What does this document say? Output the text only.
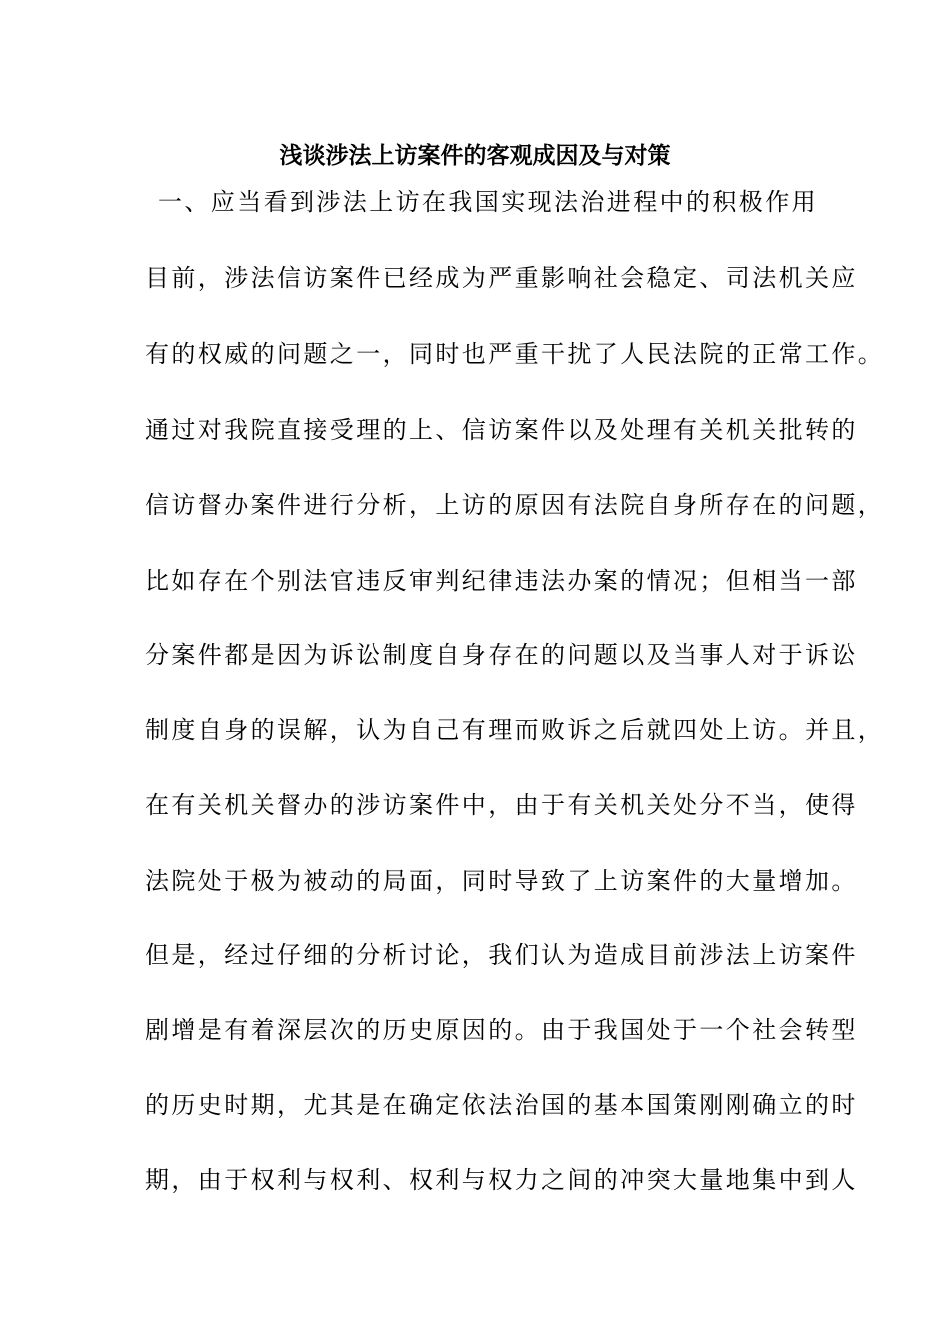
浅谈涉法上访案件的客观成因及与对策
一、应当看到涉法上访在我国实现法治进程中的积极作用
目前，涉法信访案件已经成为严重影响社会稳定、司法机关应
有的权威的问题之一，同时也严重干扰了人民法院的正常工作。
通过对我院直接受理的上、信访案件以及处理有关机关批转的
信访督办案件进行分析，上访的原因有法院自身所存在的问题，
比如存在个别法官违反审判纪律违法办案的情况；但相当一部
分案件都是因为诉讼制度自身存在的问题以及当事人对于诉讼
制度自身的误解，认为自己有理而败诉之后就四处上访。并且，
在有关机关督办的涉访案件中，由于有关机关处分不当，使得
法院处于极为被动的局面，同时导致了上访案件的大量增加。
但是，经过仔细的分析讨论，我们认为造成目前涉法上访案件
剧增是有着深层次的历史原因的。由于我国处于一个社会转型
的历史时期，尤其是在确定依法治国的基本国策刚刚确立的时
期，由于权利与权利、权利与权力之间的冲突大量地集中到人
